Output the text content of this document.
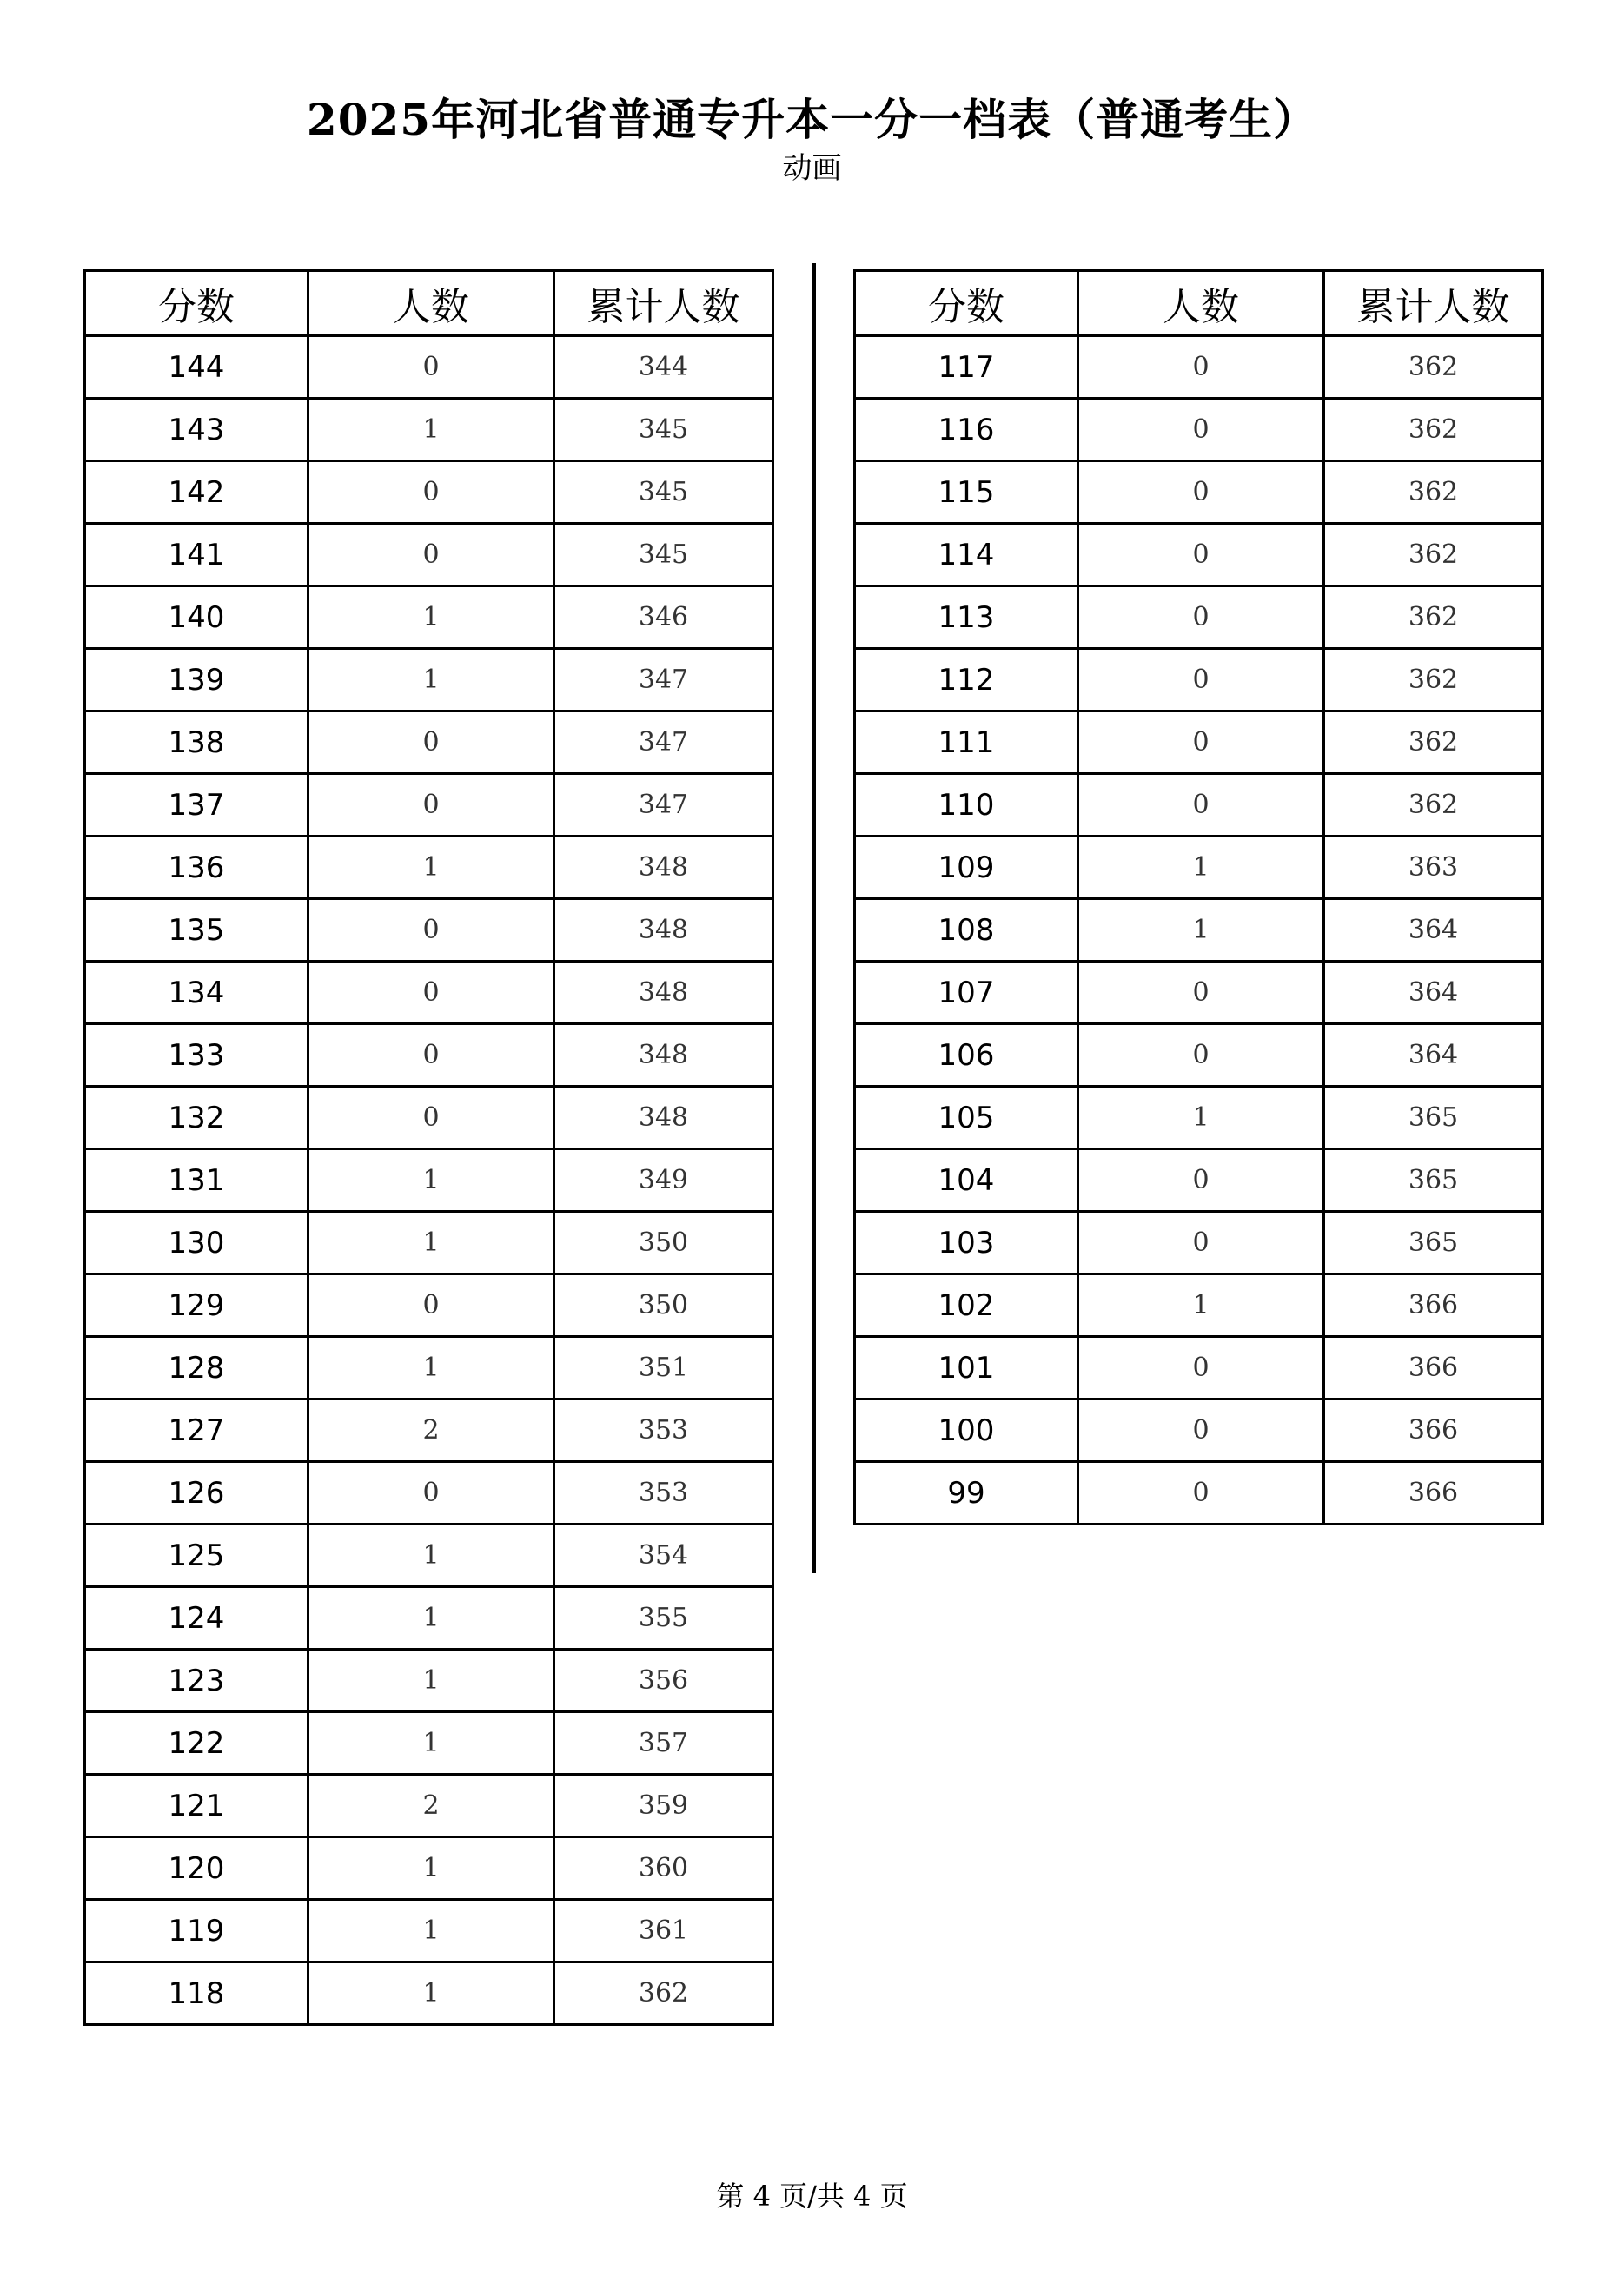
2025年河北省普通专升本一分一档表（普通考生）
动画
分数	人数	累计人数
144	0	344
143	1	345
142	0	345
141	0	345
140	1	346
139	1	347
138	0	347
137	0	347
136	1	348
135	0	348
134	0	348
133	0	348
132	0	348
131	1	349
130	1	350
129	0	350
128	1	351
127	2	353
126	0	353
125	1	354
124	1	355
123	1	356
122	1	357
121	2	359
120	1	360
119	1	361
118	1	362
分数	人数	累计人数
117	0	362
116	0	362
115	0	362
114	0	362
113	0	362
112	0	362
111	0	362
110	0	362
109	1	363
108	1	364
107	0	364
106	0	364
105	1	365
104	0	365
103	0	365
102	1	366
101	0	366
100	0	366
99	0	366
第 4 页/共 4 页
